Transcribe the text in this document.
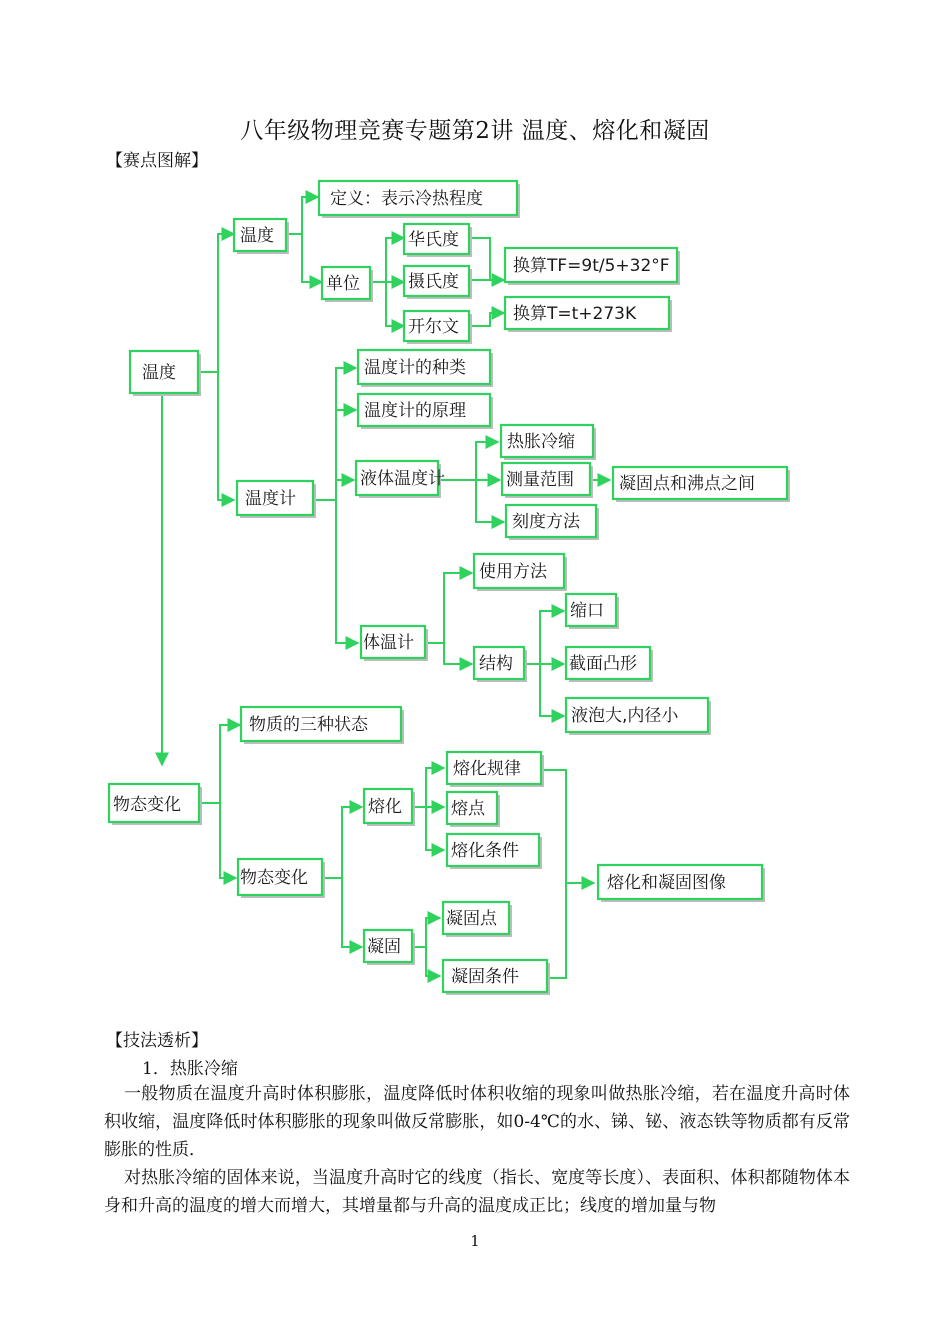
八年级物理竞赛专题第2讲 温度、熔化和凝固
【赛点图解】
温度
温度
定义：表示冷热程度
单位
华氏度
摄氏度
开尔文
换算TF=9t/5+32°F
换算T=t+273K
温度计
温度计的种类
温度计的原理
液体温度计
热胀冷缩
测量范围	凝固点和沸点之间
刻度方法
体温计
使用方法
结构
缩口
截面凸形
液泡大,内径小
物态变化
物质的三种状态
物态变化
熔化
熔化规律
熔点
熔化条件
凝固
凝固点
凝固条件
熔化和凝固图像
【技法透析】
1．热胀冷缩
一般物质在温度升高时体积膨胀，温度降低时体积收缩的现象叫做热胀冷缩，若在温度升高时体积收缩，温度降低时体积膨胀的现象叫做反常膨胀，如0-4℃的水、锑、铋、液态铁等物质都有反常膨胀的性质．
对热胀冷缩的固体来说，当温度升高时它的线度（指长、宽度等长度）、表面积、体积都随物体本身和升高的温度的增大而增大，其增量都与升高的温度成正比；线度的增加量与物
1
